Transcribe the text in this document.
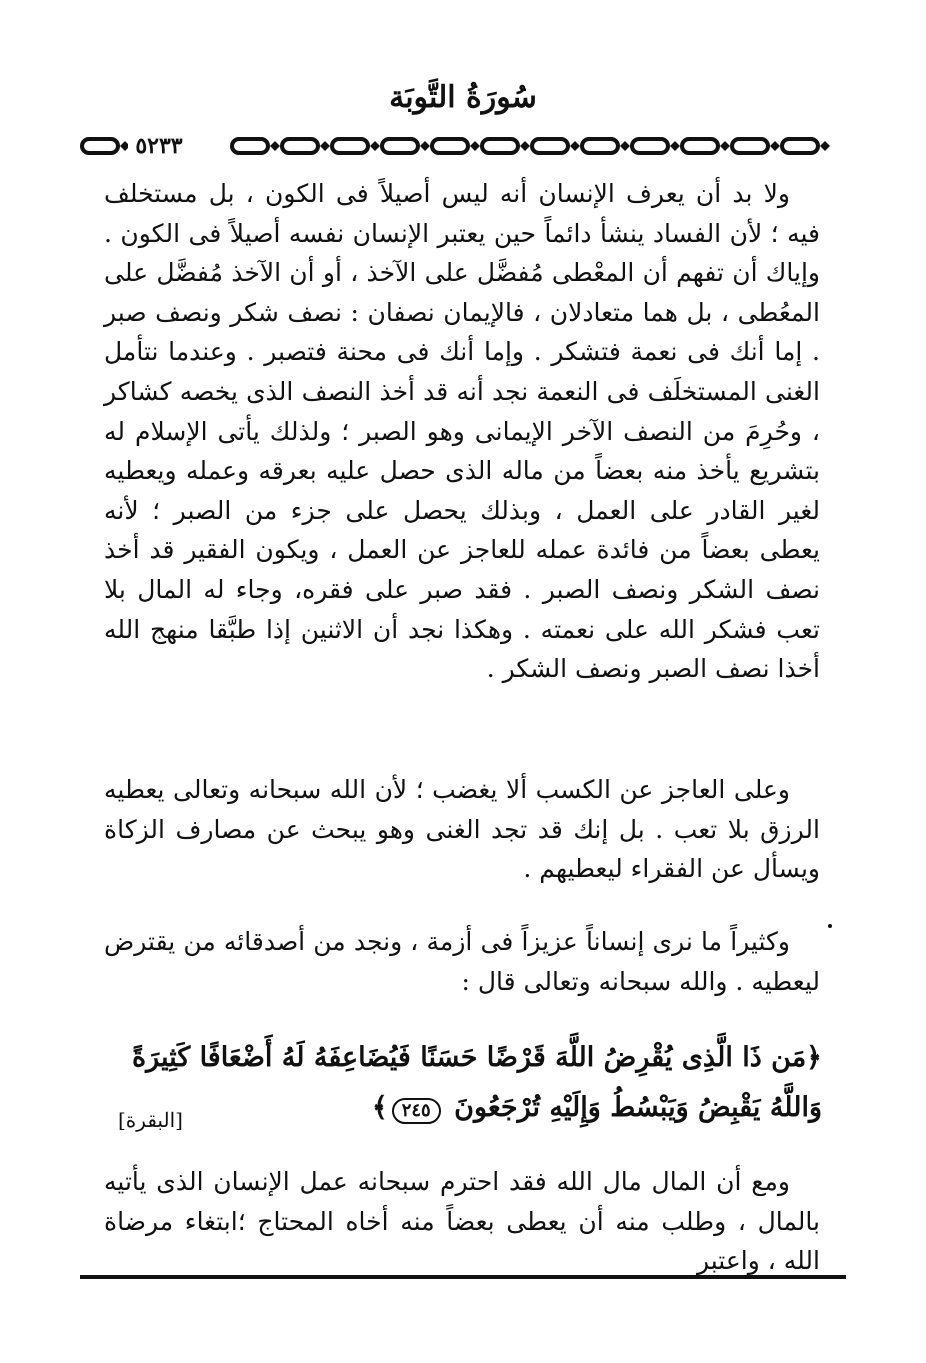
سُورَةُ التَّوبَة
٥٢٣٣

ولا بد أن يعرف الإنسان أنه ليس أصيلاً فى الكون ، بل مستخلف فيه ؛ لأن الفساد ينشأ دائماً حين يعتبر الإنسان نفسه أصيلاً فى الكون . وإياك أن تفهم أن المعْطى مُفضَّل على الآخذ ، أو أن الآخذ مُفضَّل على المعُطى ، بل هما متعادلان ، فالإيمان نصفان : نصف شكر ونصف صبر . إما أنك فى نعمة فتشكر . وإما أنك فى محنة فتصبر . وعندما نتأمل الغنى المستخلَف فى النعمة نجد أنه قد أخذ النصف الذى يخصه كشاكر ، وحُرِمَ من النصف الآخر الإيمانى وهو الصبر ؛ ولذلك يأتى الإسلام له بتشريع يأخذ منه بعضاً من ماله الذى حصل عليه بعرقه وعمله ويعطيه لغير القادر على العمل ، وبذلك يحصل على جزء من الصبر ؛ لأنه يعطى بعضاً من فائدة عمله للعاجز عن العمل ، ويكون الفقير قد أخذ نصف الشكر ونصف الصبر . فقد صبر على فقره، وجاء له المال بلا تعب فشكر الله على نعمته . وهكذا نجد أن الاثنين إذا طبَّقا منهج الله أخذا نصف الصبر ونصف الشكر .

وعلى العاجز عن الكسب ألا يغضب ؛ لأن الله سبحانه وتعالى يعطيه الرزق بلا تعب . بل إنك قد تجد الغنى وهو يبحث عن مصارف الزكاة ويسأل عن الفقراء ليعطيهم .

وكثيراً ما نرى إنساناً عزيزاً فى أزمة ، ونجد من أصدقائه من يقترض ليعطيه . والله سبحانه وتعالى قال :

﴿مَن ذَا الَّذِى يُقْرِضُ اللَّهَ قَرْضًا حَسَنًا فَيُضَاعِفَهُ لَهُ أَضْعَافًا كَثِيرَةً وَاللَّهُ يَقْبِضُ وَيَبْسُطُ وَإِلَيْهِ تُرْجَعُونَ ٢٤٥﴾
[البقرة]

ومع أن المال مال الله فقد احترم سبحانه عمل الإنسان الذى يأتيه بالمال ، وطلب منه أن يعطى بعضاً منه أخاه المحتاج ؛ابتغاء مرضاة الله ، واعتبر
